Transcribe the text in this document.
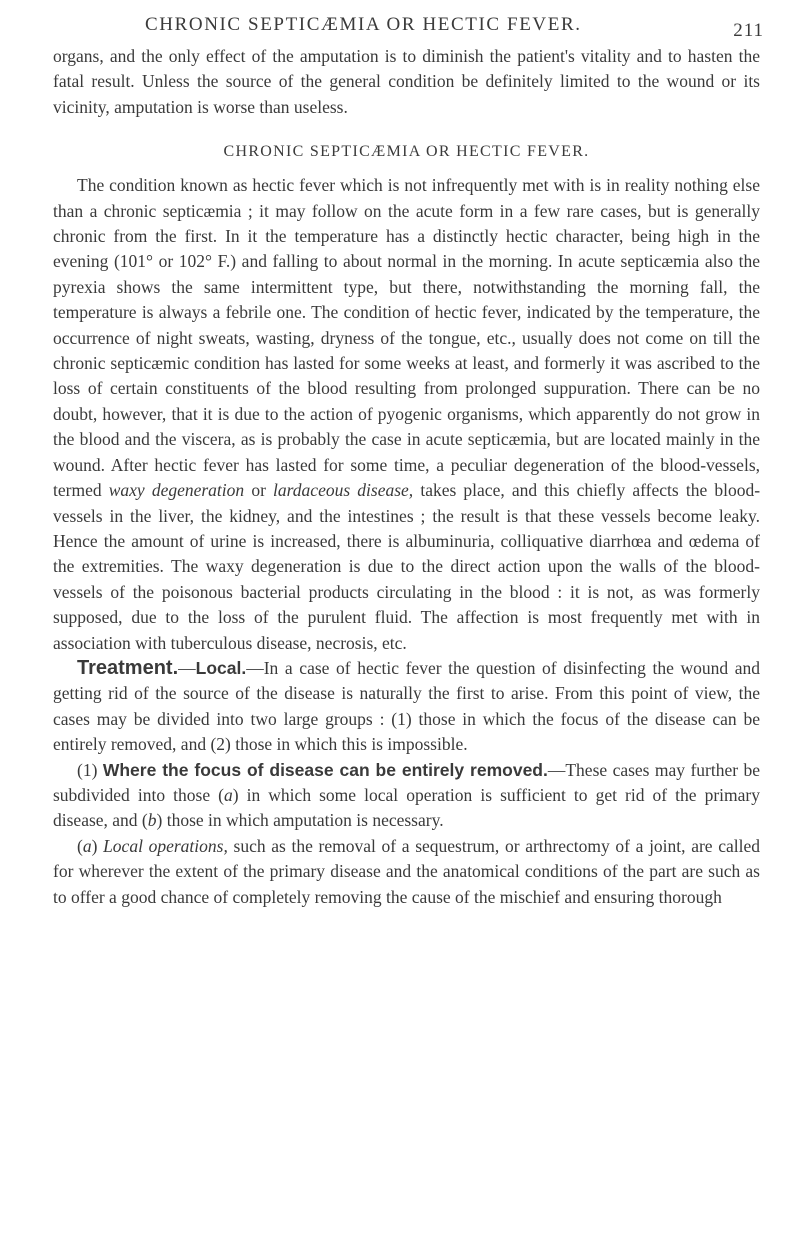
CHRONIC SEPTICÆMIA OR HECTIC FEVER.	211

organs, and the only effect of the amputation is to diminish the patient's vitality and to hasten the fatal result. Unless the source of the general condition be definitely limited to the wound or its vicinity, amputation is worse than useless.

CHRONIC SEPTICÆMIA OR HECTIC FEVER.

The condition known as hectic fever which is not infrequently met with is in reality nothing else than a chronic septicæmia ; it may follow on the acute form in a few rare cases, but is generally chronic from the first. In it the temperature has a distinctly hectic character, being high in the evening (101° or 102° F.) and falling to about normal in the morning. In acute septicæmia also the pyrexia shows the same intermittent type, but there, notwithstanding the morning fall, the temperature is always a febrile one. The condition of hectic fever, indicated by the temperature, the occurrence of night sweats, wasting, dryness of the tongue, etc., usually does not come on till the chronic septicæmic condition has lasted for some weeks at least, and formerly it was ascribed to the loss of certain constituents of the blood resulting from prolonged suppuration. There can be no doubt, however, that it is due to the action of pyogenic organisms, which apparently do not grow in the blood and the viscera, as is probably the case in acute septicæmia, but are located mainly in the wound. After hectic fever has lasted for some time, a peculiar degeneration of the blood-vessels, termed waxy degeneration or lardaceous disease, takes place, and this chiefly affects the blood-vessels in the liver, the kidney, and the intestines ; the result is that these vessels become leaky. Hence the amount of urine is increased, there is albuminuria, colliquative diarrhœa and œdema of the extremities. The waxy degeneration is due to the direct action upon the walls of the blood-vessels of the poisonous bacterial products circulating in the blood : it is not, as was formerly supposed, due to the loss of the purulent fluid. The affection is most frequently met with in association with tuberculous disease, necrosis, etc.

Treatment.—Local.—In a case of hectic fever the question of disinfecting the wound and getting rid of the source of the disease is naturally the first to arise. From this point of view, the cases may be divided into two large groups : (1) those in which the focus of the disease can be entirely removed, and (2) those in which this is impossible.

(1) Where the focus of disease can be entirely removed.—These cases may further be subdivided into those (a) in which some local operation is sufficient to get rid of the primary disease, and (b) those in which amputation is necessary.

(a) Local operations, such as the removal of a sequestrum, or arthrectomy of a joint, are called for wherever the extent of the primary disease and the anatomical conditions of the part are such as to offer a good chance of completely removing the cause of the mischief and ensuring thorough
